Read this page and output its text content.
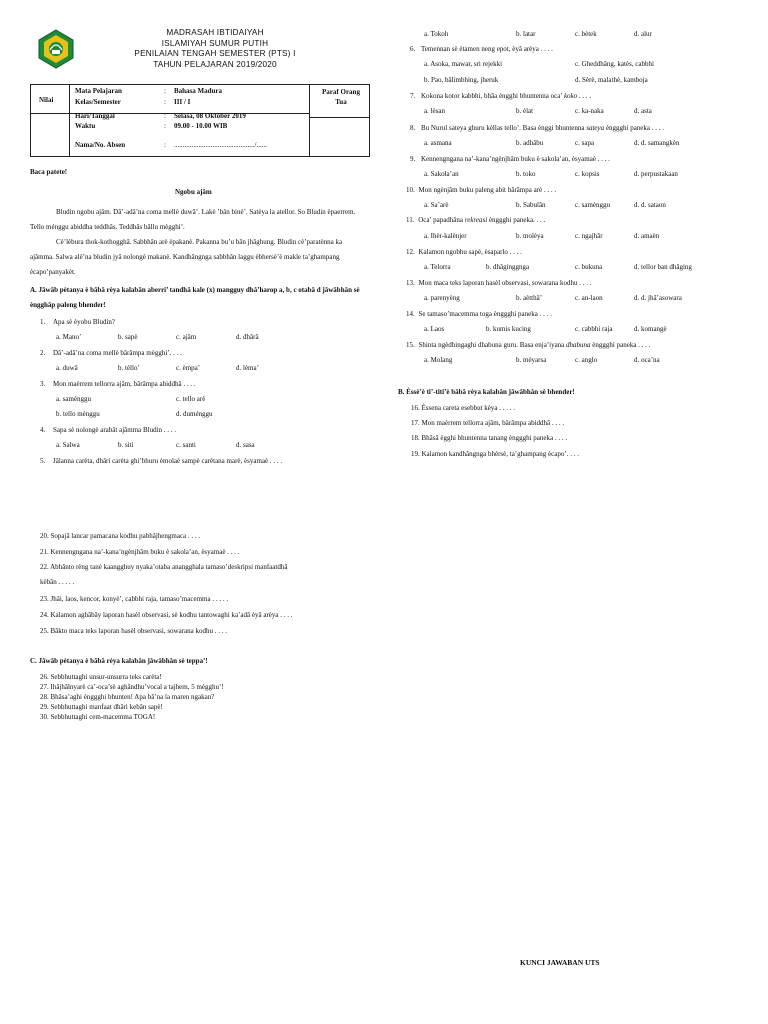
MADRASAH IBTIDAIYAH
ISLAMIYAH SUMUR PUTIH
PENILAIAN TENGAH SEMESTER (PTS) I
TAHUN PELAJARAN 2019/2020
Nilai
Paraf Orang Tua
Mata Pelajaran	: Bahasa Madura
Kelas/Semester	: III / I
Hari/Tanggal	: Selasa, 08 Oktober 2019
Waktu	: 09.00 - 10.00 WIB
Nama/No. Absen	: ............................................../......
Baca patete!
Ngobu ajâm
Bludin ngobu ajâm. Dâ’-adâ’na coma mellè duwâ’. Lakè ’bân binè’. Satèya la atellor. So Bludin èpaerrem. Tello ménggu abiddha teddhâs. Teddhâs bâllu mègghi’.
Cè’lèbura thok-kothogghâ. Sabbhân arè èpakanè. Pakanna bu’u bân jhâghung. Bludin cè’paratènna ka ajâmma. Salwa alè’na bludin jyâ nolongè makanè. Kandhângnga sabbhân laggu èbhersè’è makle ta’ghampang ècapo’panyakèt.
A. Jâwâb pètanya è bâbâ rèya kalabân aberri’ tandhâ kale (x) mangguy dhâ’harop a, b, c otabâ d jâwâbhân sè èngghâp paleng bhender!
1. Apa sè èyobu Bludin?
a. Mano’	b. sapè	c. ajâm	d. dhârâ
2. Dâ’-adâ’na coma mellè bârâmpa mègghi’. . . .
a. duwâ	b. tèllo’	c. èmpa’	d. lèma’
3. Mon maèrrem tellorra ajâm, bârâmpa abiddhâ . . . .
a. saménggu	c. tello arè
b. tello ménggu	d. duménggu
4. Sapa sè nolongè arabât ajâmma Bludin . . . .
a. Salwa	b. siti	c. santi	d. sasa
5. Jâlanna carèta, dhâri carèta ghi’bhuru èmolaè sampè carètana marè, èsyamaè . . . .
a. Tokoh	b. latar	c. bètek	d. alur
6. Temennan sè ètamen neng epot, èyâ arèya . . . .
a. Asoka, mawar, sri rejekki	c. Gheddhâng, katès, cabbhi
b. Pao, bâlimbhing, jheruk	d. Sèrè, malathè, kamboja
7. Kokona kotor kabbhi, bhâa èngghi bhuntenna oca’ koko . . . .
a. lèsan	b. èlat	c. ka-naka	d. asta
8. Bu Nurul sateya ghuru kèllas tello’. Basa ènggi bhuntenna sateya ènggghi paneka . . . .
a. asmana	b. adhâbu	c. sapa	d. d. samangkèn
9. Kennengngana na’-kana’ngènjhâm buku è sakola’an, èsyamaè . . . .
a. Sakola’an	b. toko	c. kopsis	d. perpustakaan
10. Mon ngènjâm buku paleng abit bârâmpa arè . . . .
a. Sa’arè	b. Sabulân	c. samènggu	d. d. sataon
11. Oca’ papadhâna rekreasi ènggghi paneka. . . .
a. Ihèr-kalènjer	b. molèya	c. ngajhâr	d. amaèn
12. Kalamon ngobhu sapè, èsaparlo . . . .
a. Telorra	b. dhâginggnga	c. bukuna	d. tellor ban dhâging
13. Mon maca teks laporan hasèl observasi, sowarana kodhu . . . .
a. parenyèng	b. aètthâ’	c. an-laon	d. d. jhâ’asowara
14. Se tamaso’macemma toga ènggghi paneka . . . .
a. Laos	b. kumis kucing	c. cabbhi raja	d. komangè
15. Shinta ngèdhingaghi dhabuna guru. Basa enja’iyana dhabuna ènggghi paneka . . . .
a. Molang	b. mèyarsa	c. anglo	d. oca’na
B. Èssè’è ti’-titi’è bâbâ rèya kalabân jâwâbhân sè bhender!
16. Èssena careta esebbut kèya . . . . .
17. Mon maèrrem tellorra ajâm, bârâmpa abiddhâ . . . .
18. Bhâsâ ègghi bhuntenna tanang ènggghi paneka . . . .
19. Kalamon kandhângnga bhèrsè, ta’ghampang ècapo’. . . .
20. Sopajâ lancar pamacana kodhu pabhâjhengmaca . . . .
21. Kennengngana na’-kana’ngènjhâm buku è sakola’an, èsyamaè . . . .
22. Abhânto rèng tanè kaangghuy nyaka’otaba anangghala tamaso’deskripsi manfaatdhâ
kèbân . . . . .
23. Jhâi, laos, kencor, konyè’, cabbhi raja, tamaso’macemma . . . . .
24. Kalamon aghâbây laporan hasèl observasi, sè kodhu tantowaghi ka’adâ èyâ arèya . . . .
25. Bâkto maca teks laporan hasèl observasi, sowarana kodhu . . . .
C. Jâwâb pètanya è bâbâ rèya kalabân jâwâbhân sè teppa’!
26. Sebbhuttaghi unsur-unsurra teks carèta!
27. Ihâjhâlnyarè ca’-oca’sè aghândhu’vocal a tajhem, 5 mègghu’!
28. Bhâsa’aghi ènggghi bhunten! Apa bâ’na la maren ngakan?
29. Sebbhuttaghi manfaat dhâri kebân sapè!
30. Sebbhuttaghi cem-macemma TOGA!
KUNCI JAWABAN UTS
